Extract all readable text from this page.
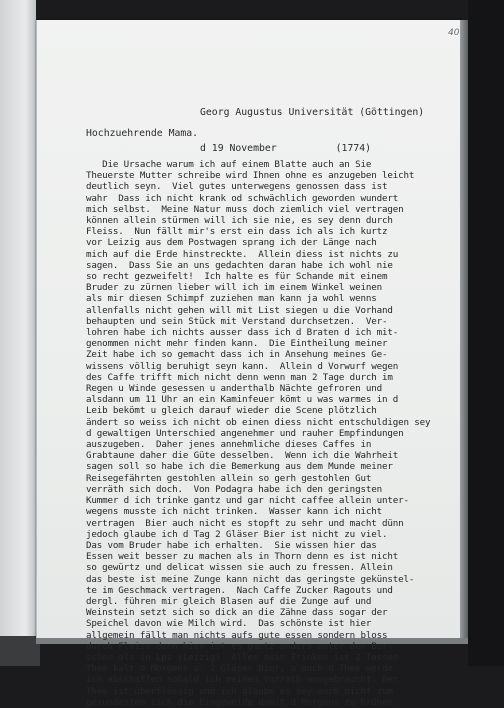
40

Georg Augustus Universität (Göttingen)

d 19 November          (1774)

Hochzuehrende Mama.
Die Ursache warum ich auf einem Blatte auch an Sie
Theuerste Mutter schreibe wird Ihnen ohne es anzugeben leicht
deutlich seyn.  Viel gutes unterwegens genossen dass ist
wahr  Dass ich nicht krank od schwächlich geworden wundert
mich selbst.  Meine Natur muss doch ziemlich viel vertragen
können allein stürmen will ich sie nie, es sey denn durch
Fleiss.  Nun fällt mir's erst ein dass ich als ich kurtz
vor Leizig aus dem Postwagen sprang ich der Länge nach
mich auf die Erde hinstreckte.  Allein diess ist nichts zu
sagen.  Dass Sie an uns gedachten daran habe ich wohl nie
so recht gezweifelt!  Ich halte es für Schande mit einem
Bruder zu zürnen lieber will ich im einem Winkel weinen
als mir diesen Schimpf zuziehen man kann ja wohl wenns
allenfalls nicht gehen will mit List siegen u die Vorhand
behaupten und sein Stück mit Verstand durchsetzen.  Ver-
lohren habe ich nichts ausser dass ich d Braten d ich mit-
genommen nicht mehr finden kann.  Die Eintheilung meiner
Zeit habe ich so gemacht dass ich in Ansehung meines Ge-
wissens völlig beruhigt seyn kann.  Allein d Vorwurf wegen
des Caffe trifft mich nicht denn wenn man 2 Tage durch im
Regen u Winde gesessen u anderthalb Nächte gefroren und
alsdann um 11 Uhr an ein Kaminfeuer kömt u was warmes in d
Leib bekömt u gleich darauf wieder die Scene plötzlich
ändert so weiss ich nicht ob einen diess nicht entschuldigen sey
d gewaltigen Unterschied angenehmer und rauher Empfindungen
auszugeben.  Daher jenes annehmliche dieses Caffes in
Grabtaune daher die Güte desselben.  Wenn ich die Wahrheit
sagen soll so habe ich die Bemerkung aus dem Munde meiner
Reisegefährten gestohlen allein so gerh gestohlen Gut
verräth sich doch.  Von Podagra habe ich den geringsten
Kummer d ich trinke gantz und gar nicht caffee allein unter-
wegens musste ich nicht trinken.  Wasser kann ich nicht
vertragen  Bier auch nicht es stopft zu sehr und macht dünn
jedoch glaube ich d Tag 2 Gläser Bier ist nicht zu viel.
Das vom Bruder habe ich erhalten.  Sie wissen hier das
Essen weit besser zu machen als in Thorn denn es ist nicht
so gewürtz und delicat wissen sie auch zu fressen. Allein
das beste ist meine Zunge kann nicht das geringste gekünstel-
te im Geschmack vertragen.  Nach Caffe Zucker Ragouts und
dergl. führen mir gleich Blasen auf die Zunge auf und
Weinstein setzt sich so dick an die Zähne dass sogar der
Speichel davon wie Milch wird.  Das schönste ist hier
allgemein fällt man nichts aufs gute essen sondern bloss
durch Fleiss denn hier ist es gantz anders unter den Bur-
schen als in Lpz (Leizig)  Alles mein Trinken ist 2 Tassen
Thee kalt d Morgens u. 2 Gläser Bier, u auch d Thee werde
ich abschaffen sobald ich meinen Vorrath ausgebraucht. Der
Thee ist überflüssig und ich glaube es sey auch nicht zum
gesundesten sich die Eingeweide damit d Morgens zu brühen.
